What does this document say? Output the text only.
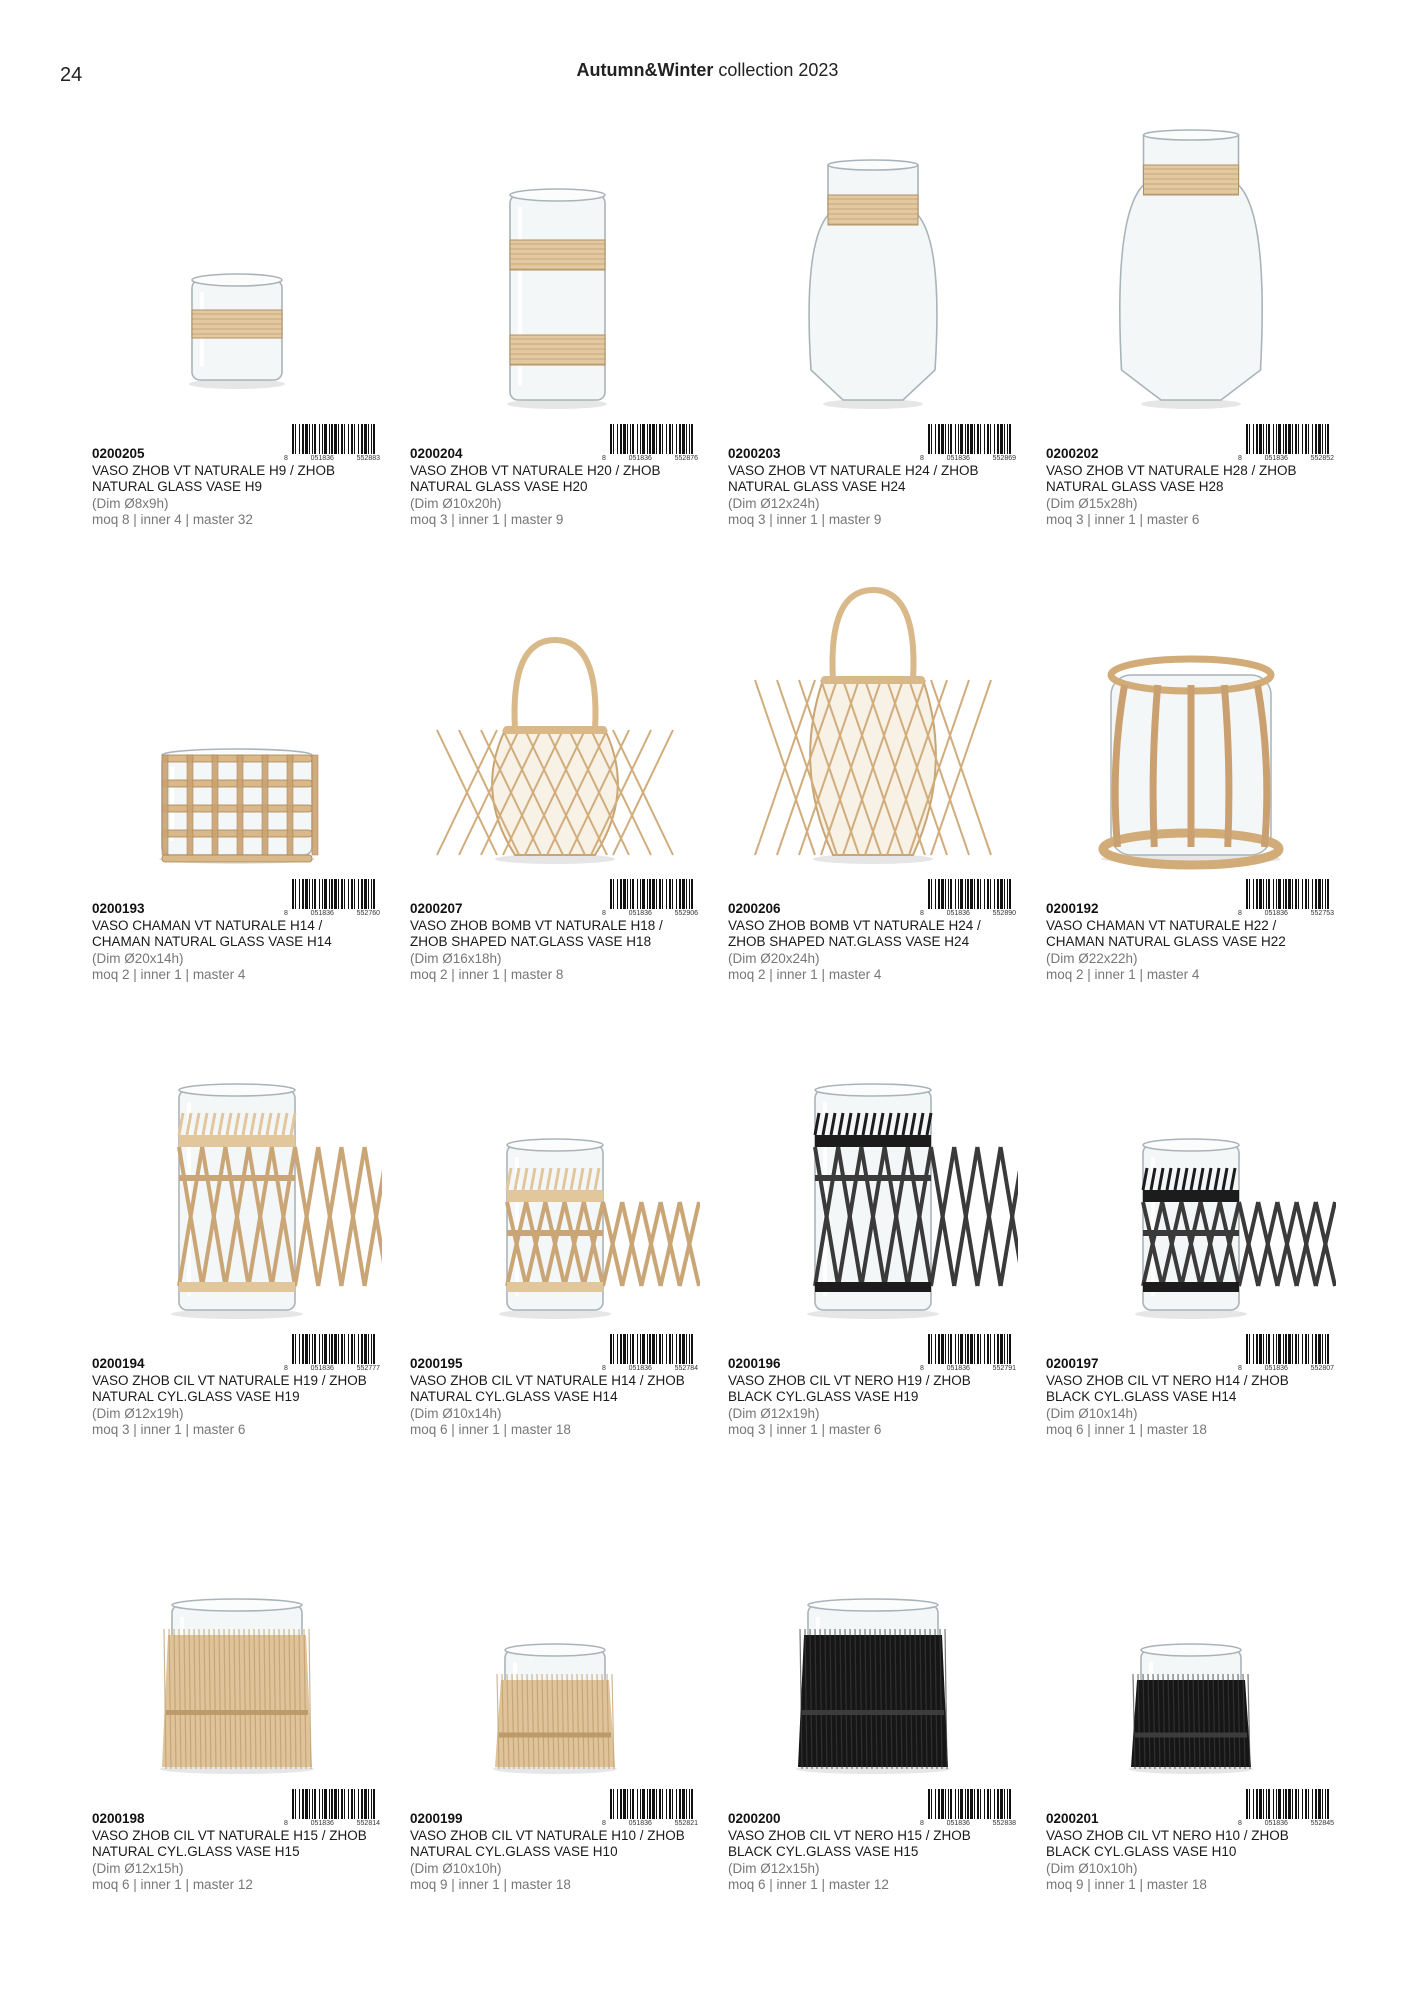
24	Autumn&Winter collection 2023
8	051836	552883
0200205
VASO ZHOB VT NATURALE H9 / ZHOB
NATURAL GLASS VASE H9
(Dim Ø8x9h)
moq 8 | inner 4 | master 32
8	051836	552876
0200204
VASO ZHOB VT NATURALE H20 / ZHOB
NATURAL GLASS VASE H20
(Dim Ø10x20h)
moq 3 | inner 1 | master 9
8	051836	552869
0200203
VASO ZHOB VT NATURALE H24 / ZHOB
NATURAL GLASS VASE H24
(Dim Ø12x24h)
moq 3 | inner 1 | master 9
8	051836	552852
0200202
VASO ZHOB VT NATURALE H28 / ZHOB
NATURAL GLASS VASE H28
(Dim Ø15x28h)
moq 3 | inner 1 | master 6
8	051836	552760
0200193
VASO CHAMAN VT NATURALE H14 /
CHAMAN NATURAL GLASS VASE H14
(Dim Ø20x14h)
moq 2 | inner 1 | master 4
8	051836	552906
0200207
VASO ZHOB BOMB VT NATURALE H18 /
ZHOB SHAPED NAT.GLASS VASE H18
(Dim Ø16x18h)
moq 2 | inner 1 | master 8
8	051836	552890
0200206
VASO ZHOB BOMB VT NATURALE H24 /
ZHOB SHAPED NAT.GLASS VASE H24
(Dim Ø20x24h)
moq 2 | inner 1 | master 4
8	051836	552753
0200192
VASO CHAMAN VT NATURALE H22 /
CHAMAN NATURAL GLASS VASE H22
(Dim Ø22x22h)
moq 2 | inner 1 | master 4
8	051836	552777
0200194
VASO ZHOB CIL VT NATURALE H19 / ZHOB
NATURAL CYL.GLASS VASE H19
(Dim Ø12x19h)
moq 3 | inner 1 | master 6
8	051836	552784
0200195
VASO ZHOB CIL VT NATURALE H14 / ZHOB
NATURAL CYL.GLASS VASE H14
(Dim Ø10x14h)
moq 6 | inner 1 | master 18
8	051836	552791
0200196
VASO ZHOB CIL VT NERO H19 / ZHOB
BLACK CYL.GLASS VASE H19
(Dim Ø12x19h)
moq 3 | inner 1 | master 6
8	051836	552807
0200197
VASO ZHOB CIL VT NERO H14 / ZHOB
BLACK CYL.GLASS VASE H14
(Dim Ø10x14h)
moq 6 | inner 1 | master 18
8	051836	552814
0200198
VASO ZHOB CIL VT NATURALE H15 / ZHOB
NATURAL CYL.GLASS VASE H15
(Dim Ø12x15h)
moq 6 | inner 1 | master 12
8	051836	552821
0200199
VASO ZHOB CIL VT NATURALE H10 / ZHOB
NATURAL CYL.GLASS VASE H10
(Dim Ø10x10h)
moq 9 | inner 1 | master 18
8	051836	552838
0200200
VASO ZHOB CIL VT NERO H15 / ZHOB
BLACK CYL.GLASS VASE H15
(Dim Ø12x15h)
moq 6 | inner 1 | master 12
8	051836	552845
0200201
VASO ZHOB CIL VT NERO H10 / ZHOB
BLACK CYL.GLASS VASE H10
(Dim Ø10x10h)
moq 9 | inner 1 | master 18
